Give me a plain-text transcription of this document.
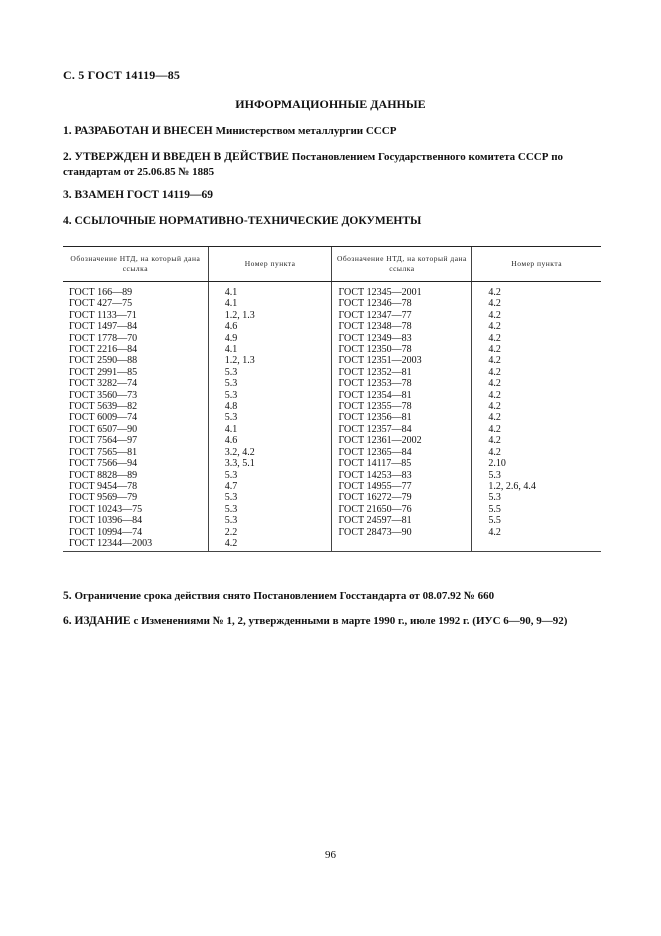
С. 5 ГОСТ 14119—85
ИНФОРМАЦИОННЫЕ ДАННЫЕ
1. РАЗРАБОТАН И ВНЕСЕН Министерством металлургии СССР
2. УТВЕРЖДЕН И ВВЕДЕН В ДЕЙСТВИЕ Постановлением Государственного комитета СССР по стандартам от 25.06.85 № 1885
3. ВЗАМЕН ГОСТ 14119—69
4. ССЫЛОЧНЫЕ НОРМАТИВНО-ТЕХНИЧЕСКИЕ ДОКУМЕНТЫ
Обозначение НТД, на который дана ссылка	Номер пункта	Обозначение НТД, на который дана ссылка	Номер пункта
ГОСТ 166—89	4.1	ГОСТ 12345—2001	4.2
ГОСТ 427—75	4.1	ГОСТ 12346—78	4.2
ГОСТ 1133—71	1.2, 1.3	ГОСТ 12347—77	4.2
ГОСТ 1497—84	4.6	ГОСТ 12348—78	4.2
ГОСТ 1778—70	4.9	ГОСТ 12349—83	4.2
ГОСТ 2216—84	4.1	ГОСТ 12350—78	4.2
ГОСТ 2590—88	1.2, 1.3	ГОСТ 12351—2003	4.2
ГОСТ 2991—85	5.3	ГОСТ 12352—81	4.2
ГОСТ 3282—74	5.3	ГОСТ 12353—78	4.2
ГОСТ 3560—73	5.3	ГОСТ 12354—81	4.2
ГОСТ 5639—82	4.8	ГОСТ 12355—78	4.2
ГОСТ 6009—74	5.3	ГОСТ 12356—81	4.2
ГОСТ 6507—90	4.1	ГОСТ 12357—84	4.2
ГОСТ 7564—97	4.6	ГОСТ 12361—2002	4.2
ГОСТ 7565—81	3.2, 4.2	ГОСТ 12365—84	4.2
ГОСТ 7566—94	3.3, 5.1	ГОСТ 14117—85	2.10
ГОСТ 8828—89	5.3	ГОСТ 14253—83	5.3
ГОСТ 9454—78	4.7	ГОСТ 14955—77	1.2, 2.6, 4.4
ГОСТ 9569—79	5.3	ГОСТ 16272—79	5.3
ГОСТ 10243—75	5.3	ГОСТ 21650—76	5.5
ГОСТ 10396—84	5.3	ГОСТ 24597—81	5.5
ГОСТ 10994—74	2.2	ГОСТ 28473—90	4.2
ГОСТ 12344—2003	4.2		
5. Ограничение срока действия снято Постановлением Госстандарта от 08.07.92 № 660
6. ИЗДАНИЕ с Изменениями № 1, 2, утвержденными в марте 1990 г., июле 1992 г. (ИУС 6—90, 9—92)
96
